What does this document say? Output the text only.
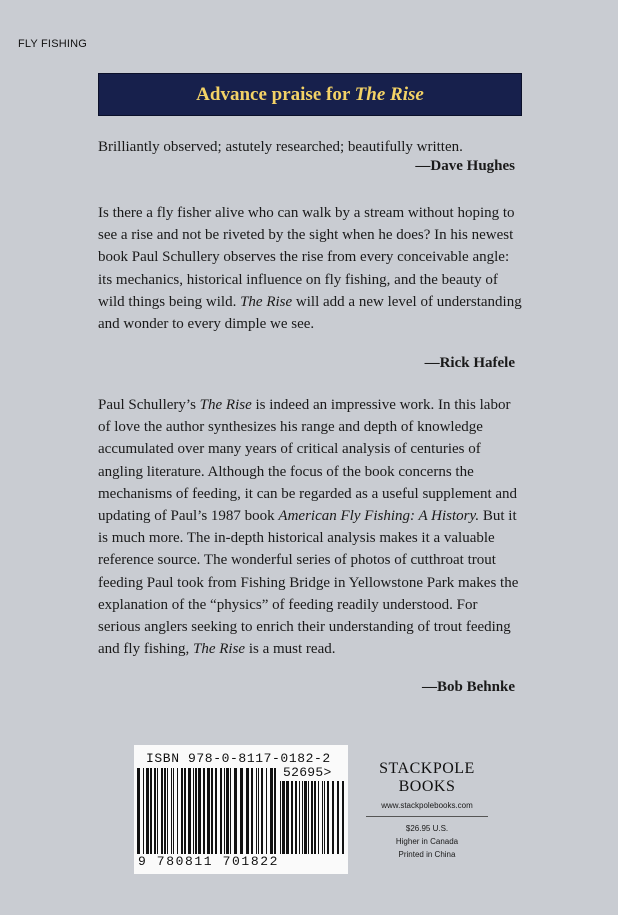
FLY FISHING
Advance praise for The Rise

Brilliantly observed; astutely researched; beautifully written.

—Dave Hughes

Is there a fly fisher alive who can walk by a stream without hoping to see a rise and not be riveted by the sight when he does? In his newest book Paul Schullery observes the rise from every conceivable angle: its mechanics, historical influence on fly fishing, and the beauty of wild things being wild. The Rise will add a new level of understanding and wonder to every dimple we see.

—Rick Hafele

Paul Schullery’s The Rise is indeed an impressive work. In this labor of love the author synthesizes his range and depth of knowledge accumulated over many years of critical analysis of centuries of angling literature. Although the focus of the book concerns the mechanisms of feeding, it can be regarded as a useful supplement and updating of Paul’s 1987 book American Fly Fishing: A History. But it is much more. The in-depth historical analysis makes it a valuable reference source. The wonderful series of photos of cutthroat trout feeding Paul took from Fishing Bridge in Yellowstone Park makes the explanation of the “physics” of feeding readily understood. For serious anglers seeking to enrich their understanding of trout feeding and fly fishing, The Rise is a must read.

—Bob Behnke
ISBN 978-0-8117-0182-2
52695>
9 780811 701822
STACKPOLE
BOOKS
www.stackpolebooks.com
$26.95 U.S.
Higher in Canada
Printed in China
